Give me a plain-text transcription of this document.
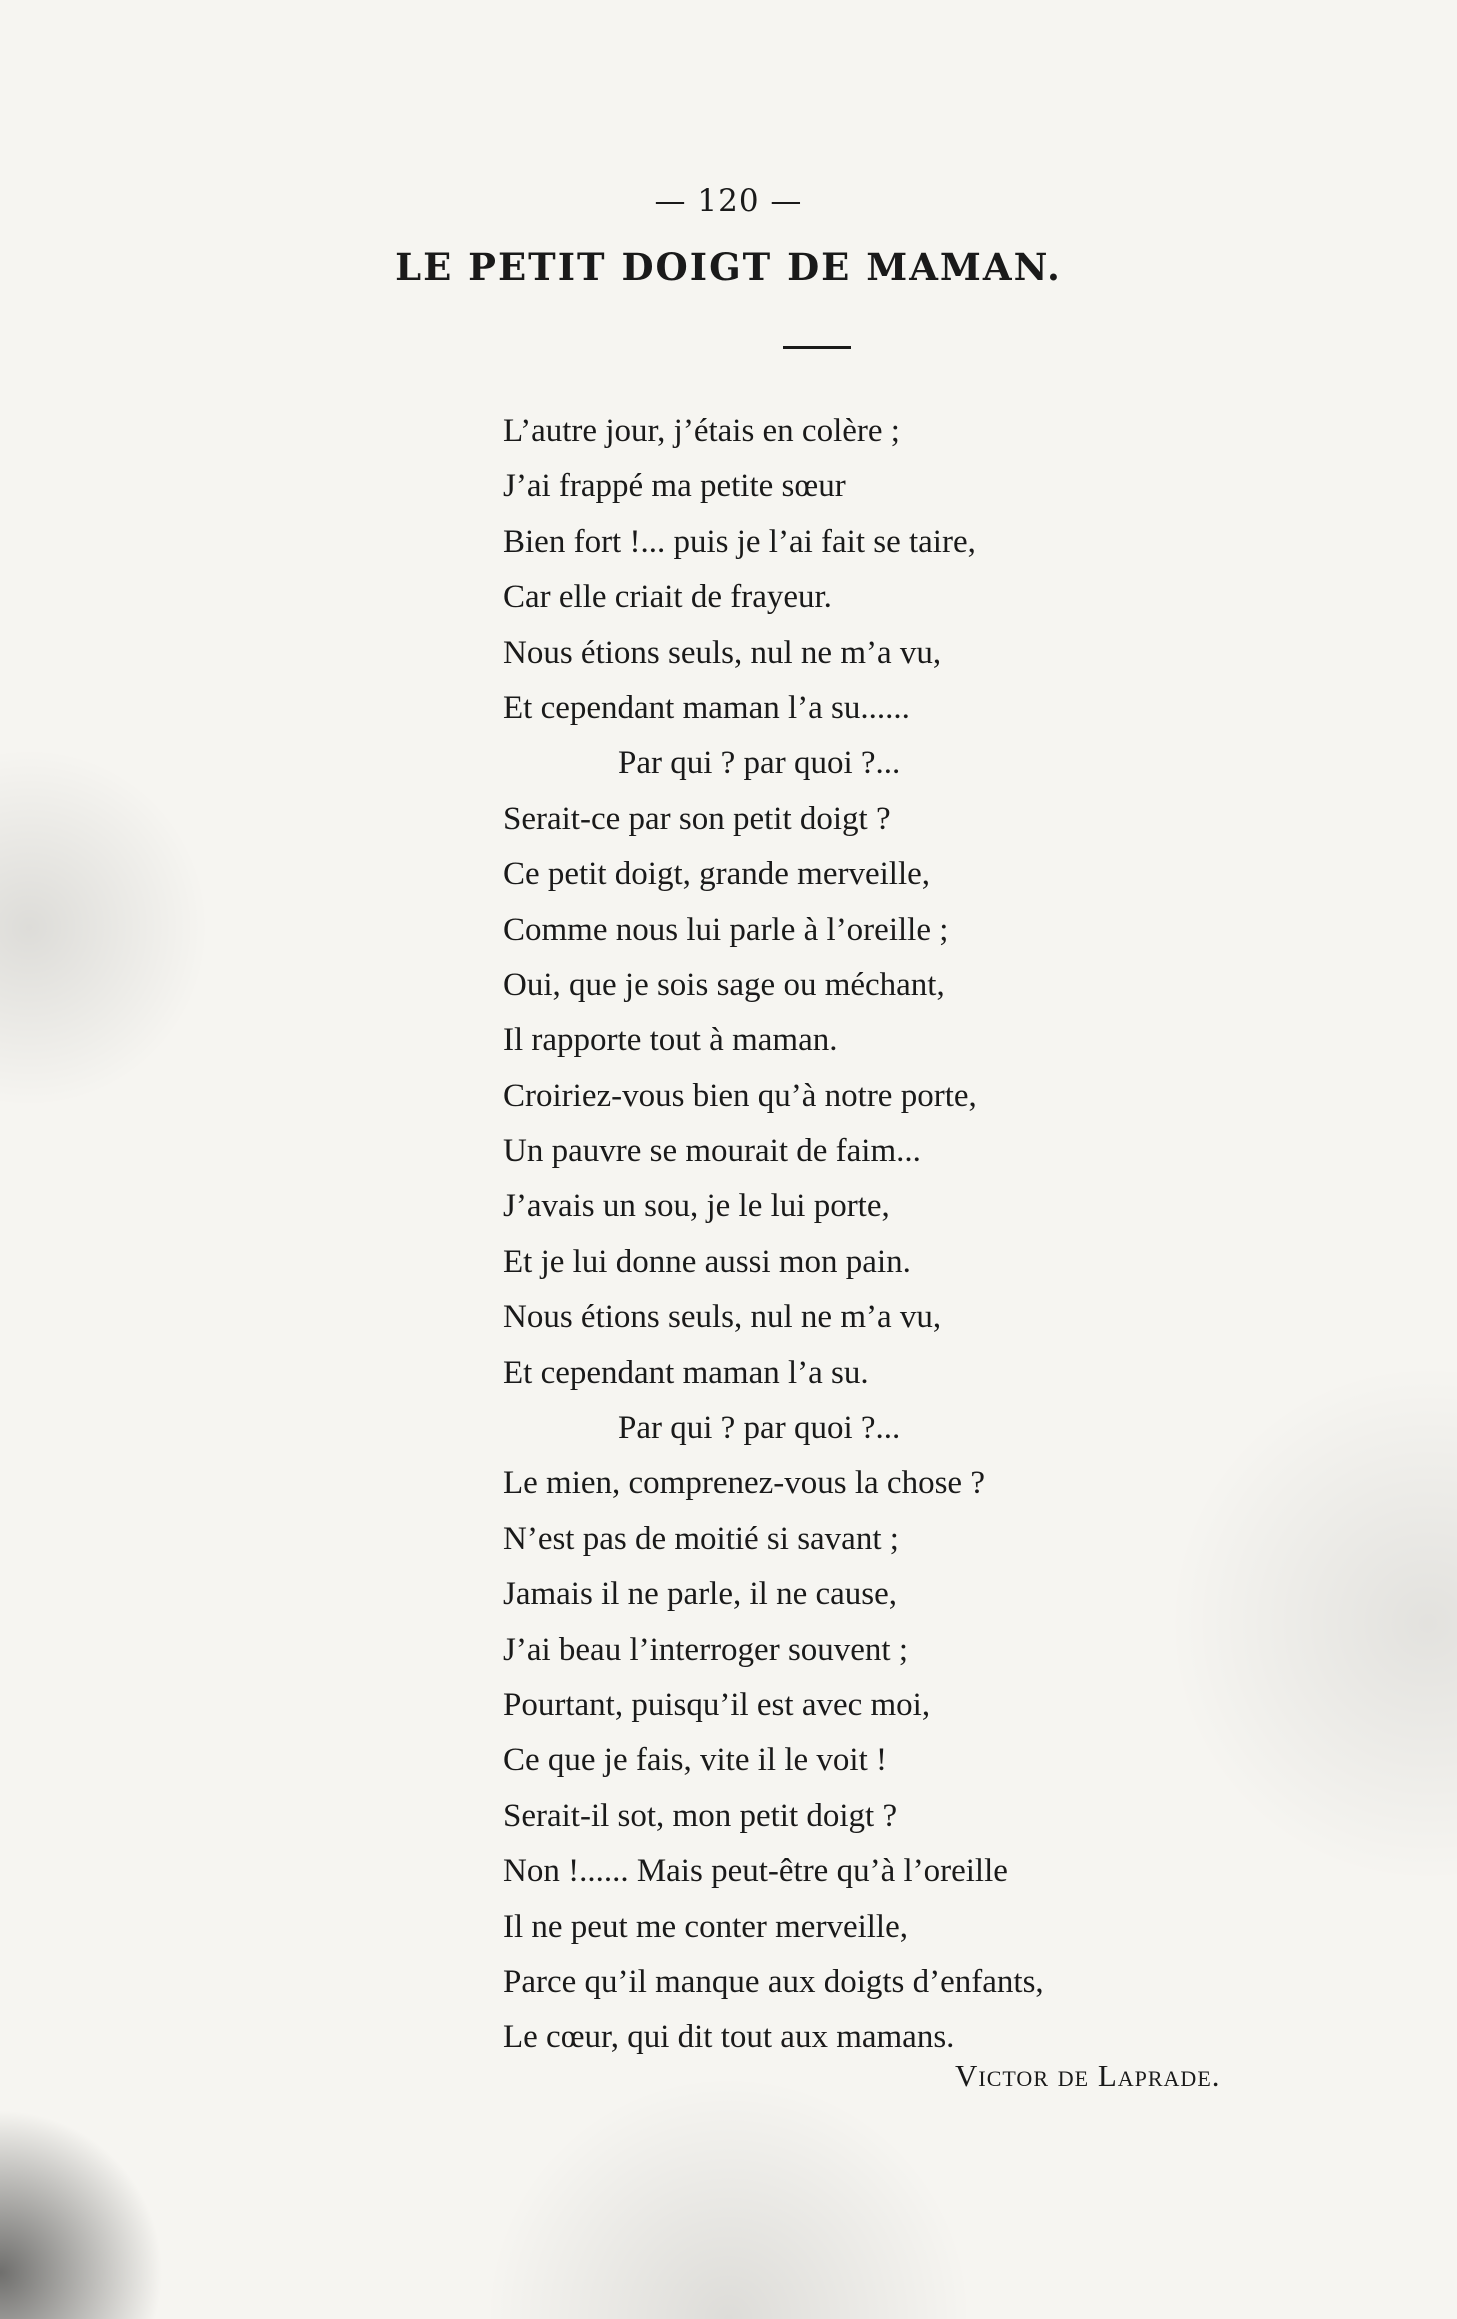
— 120 —
LE PETIT DOIGT DE MAMAN.
L’autre jour, j’étais en colère ;
J’ai frappé ma petite sœur
Bien fort !... puis je l’ai fait se taire,
Car elle criait de frayeur.
Nous étions seuls, nul ne m’a vu,
Et cependant maman l’a su......
Par qui ? par quoi ?...
Serait-ce par son petit doigt ?
Ce petit doigt, grande merveille,
Comme nous lui parle à l’oreille ;
Oui, que je sois sage ou méchant,
Il rapporte tout à maman.
Croiriez-vous bien qu’à notre porte,
Un pauvre se mourait de faim...
J’avais un sou, je le lui porte,
Et je lui donne aussi mon pain.
Nous étions seuls, nul ne m’a vu,
Et cependant maman l’a su.
Par qui ? par quoi ?...
Le mien, comprenez-vous la chose ?
N’est pas de moitié si savant ;
Jamais il ne parle, il ne cause,
J’ai beau l’interroger souvent ;
Pourtant, puisqu’il est avec moi,
Ce que je fais, vite il le voit !
Serait-il sot, mon petit doigt ?
Non !...... Mais peut-être qu’à l’oreille
Il ne peut me conter merveille,
Parce qu’il manque aux doigts d’enfants,
Le cœur, qui dit tout aux mamans.
Victor de Laprade.
